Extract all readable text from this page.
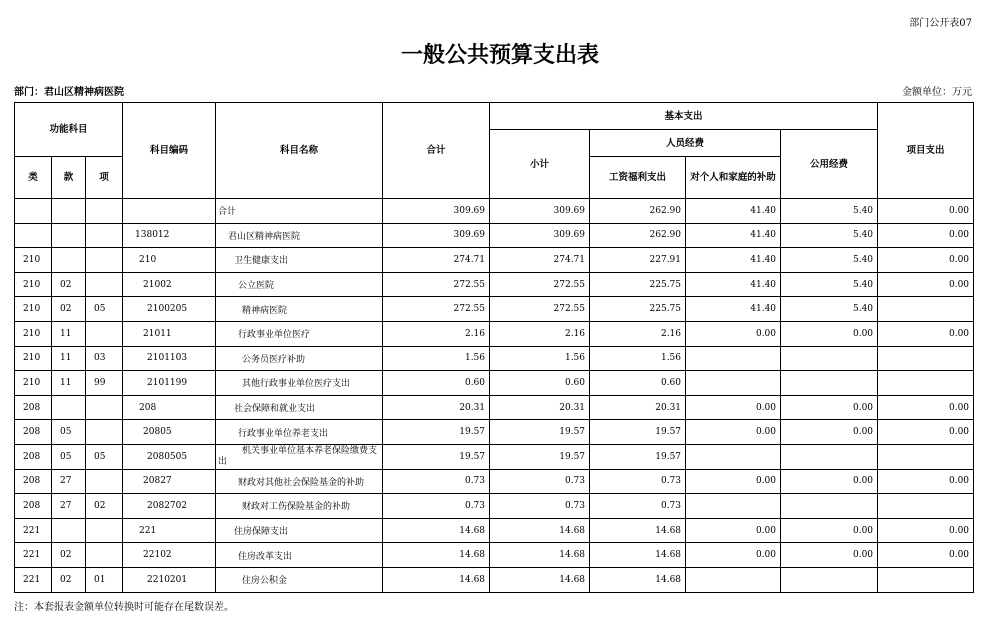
部门公开表07
一般公共预算支出表
部门：君山区精神病医院	金额单位：万元
功能科目			科目编码	科目名称	合计	基本支出				项目支出
						小计	人员经费		公用经费	
类	款	项					工资福利支出	对个人和家庭的补助		
				合计	309.69	309.69	262.90	41.40	5.40	0.00
			138012	君山区精神病医院	309.69	309.69	262.90	41.40	5.40	0.00
210			210	卫生健康支出	274.71	274.71	227.91	41.40	5.40	0.00
210	02		21002	公立医院	272.55	272.55	225.75	41.40	5.40	0.00
210	02	05	2100205	精神病医院	272.55	272.55	225.75	41.40	5.40	
210	11		21011	行政事业单位医疗	2.16	2.16	2.16	0.00	0.00	0.00
210	11	03	2101103	公务员医疗补助	1.56	1.56	1.56			
210	11	99	2101199	其他行政事业单位医疗支出	0.60	0.60	0.60			
208			208	社会保障和就业支出	20.31	20.31	20.31	0.00	0.00	0.00
208	05		20805	行政事业单位养老支出	19.57	19.57	19.57	0.00	0.00	0.00
208	05	05	2080505	机关事业单位基本养老保险缴费支出	19.57	19.57	19.57			
208	27		20827	财政对其他社会保险基金的补助	0.73	0.73	0.73	0.00	0.00	0.00
208	27	02	2082702	财政对工伤保险基金的补助	0.73	0.73	0.73			
221			221	住房保障支出	14.68	14.68	14.68	0.00	0.00	0.00
221	02		22102	住房改革支出	14.68	14.68	14.68	0.00	0.00	0.00
221	02	01	2210201	住房公积金	14.68	14.68	14.68			
注：本套报表金额单位转换时可能存在尾数误差。
